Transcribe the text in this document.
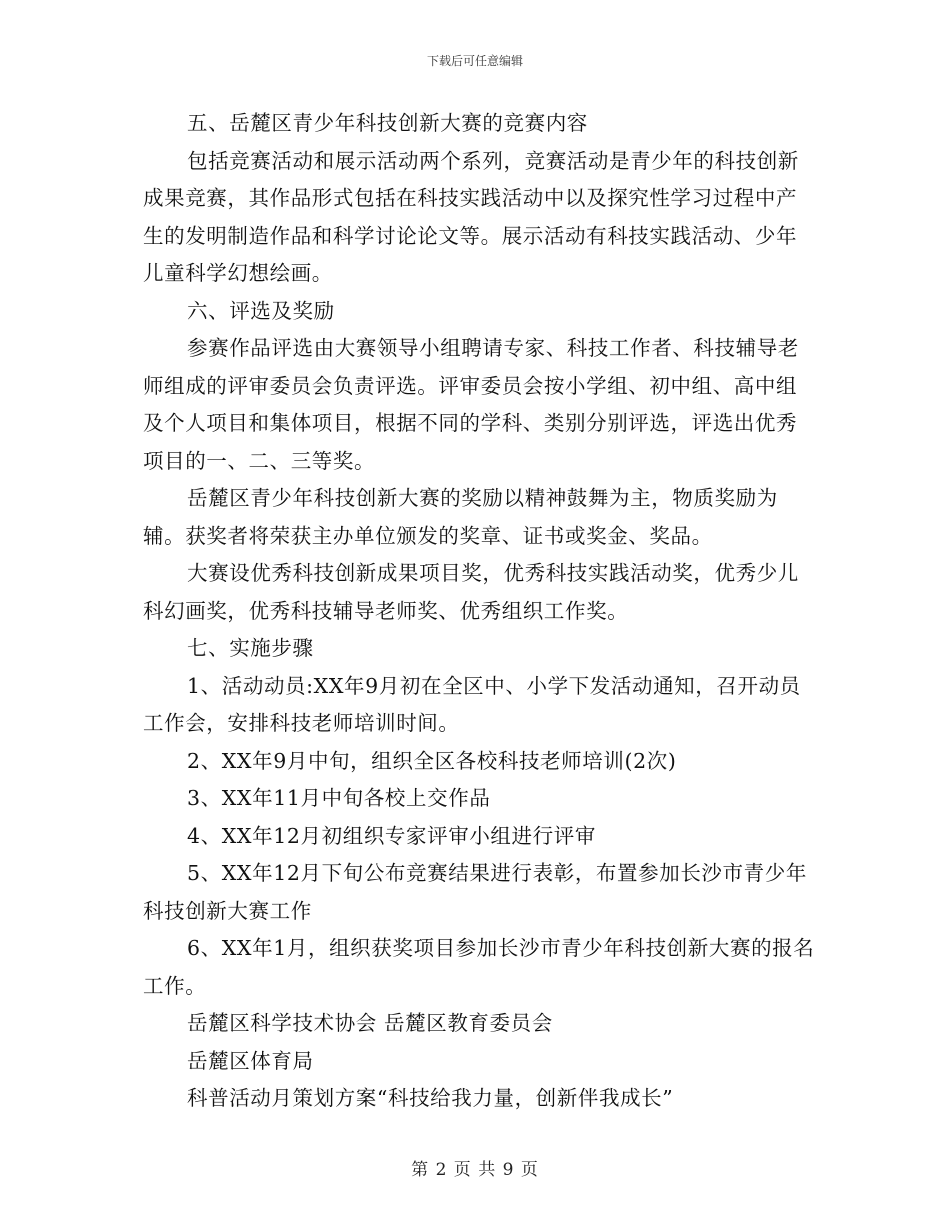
下载后可任意编辑

五、岳麓区青少年科技创新大赛的竞赛内容

包括竞赛活动和展示活动两个系列，竞赛活动是青少年的科技创新成果竞赛，其作品形式包括在科技实践活动中以及探究性学习过程中产生的发明制造作品和科学讨论论文等。展示活动有科技实践活动、少年儿童科学幻想绘画。

六、评选及奖励

参赛作品评选由大赛领导小组聘请专家、科技工作者、科技辅导老师组成的评审委员会负责评选。评审委员会按小学组、初中组、高中组及个人项目和集体项目，根据不同的学科、类别分别评选，评选出优秀项目的一、二、三等奖。

岳麓区青少年科技创新大赛的奖励以精神鼓舞为主，物质奖励为辅。获奖者将荣获主办单位颁发的奖章、证书或奖金、奖品。

大赛设优秀科技创新成果项目奖，优秀科技实践活动奖，优秀少儿科幻画奖，优秀科技辅导老师奖、优秀组织工作奖。

七、实施步骤

1、活动动员:XX年9月初在全区中、小学下发活动通知，召开动员工作会，安排科技老师培训时间。

2、XX年9月中旬，组织全区各校科技老师培训(2次)

3、XX年11月中旬各校上交作品

4、XX年12月初组织专家评审小组进行评审

5、XX年12月下旬公布竞赛结果进行表彰，布置参加长沙市青少年科技创新大赛工作

6、XX年1月，组织获奖项目参加长沙市青少年科技创新大赛的报名工作。

岳麓区科学技术协会 岳麓区教育委员会

岳麓区体育局

科普活动月策划方案“科技给我力量，创新伴我成长”

第 2 页 共 9 页
